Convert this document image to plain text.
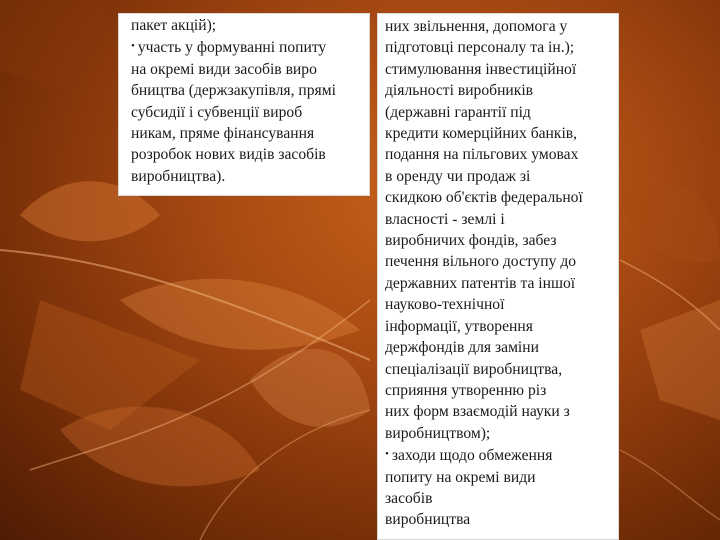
пакет акцій);
• участь у формуванні попиту
на окремі види засобів виро
бництва (держзакупівля, прямі
субсидії і субвенції вироб
никам, пряме фінансування
розробок нових видів засобів
виробництва).
них звільнення, допомога у
підготовці персоналу та ін.);
стимулювання інвестиційної
діяльності виробників
(державні гарантії під
кредити комерційних банків,
подання на пільгових умовах
в оренду чи продаж зі
скидкою об'єктів федеральної
власності - землі і
виробничих фондів, забез
печення вільного доступу до
державних патентів та іншої
науково-технічної
інформації, утворення
держфондів для заміни
спеціалізації виробництва,
сприяння утворенню різ
них форм взаємодій науки з
виробництвом);
• заходи щодо обмеження
попиту на окремі види
засобів
виробництва
